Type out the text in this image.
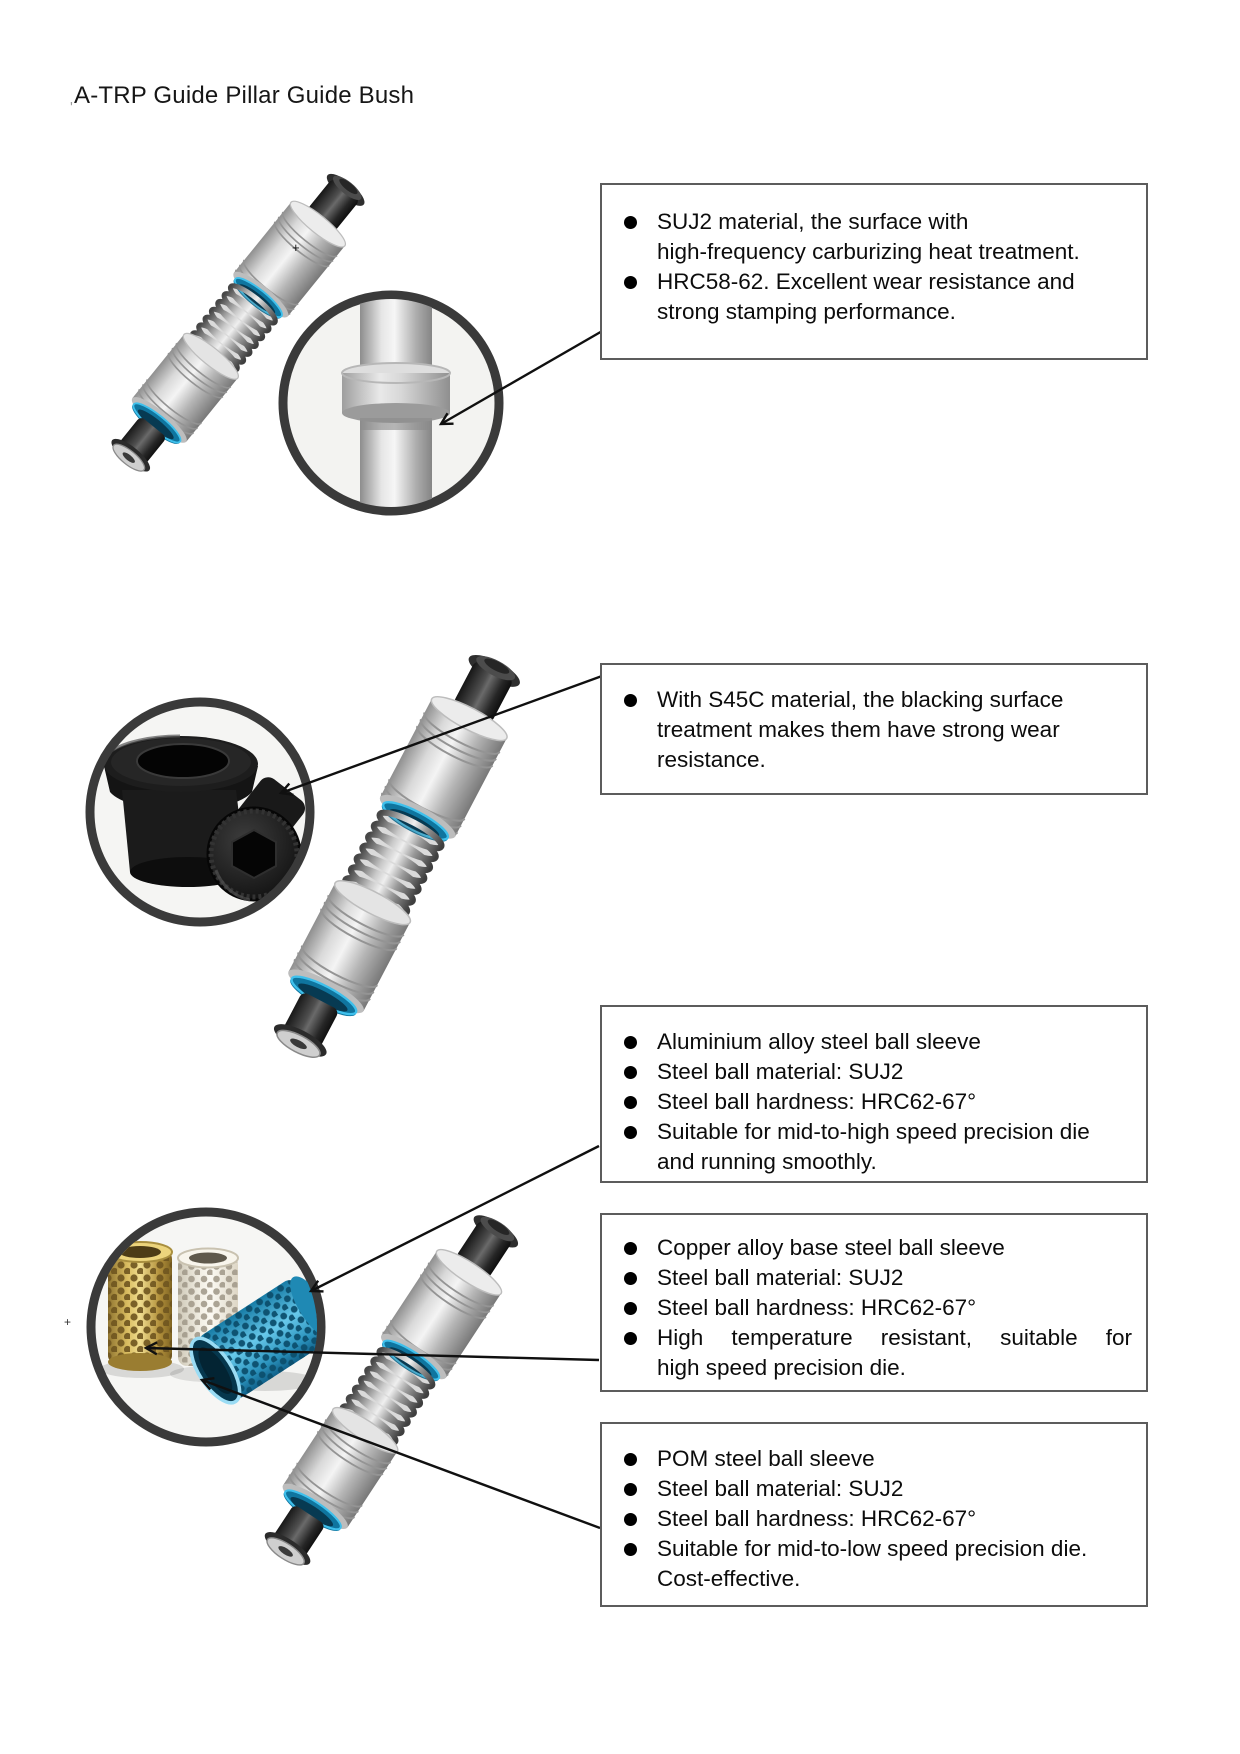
A-TRP Guide Pillar Guide Bush
'
+
+
SUJ2 material, the surface with
high-frequency carburizing heat treatment.
HRC58-62. Excellent wear resistance and
strong stamping performance.
With S45C material, the blacking surface
treatment makes them have strong wear
resistance.
Aluminium alloy steel ball sleeve
Steel ball material: SUJ2
Steel ball hardness: HRC62-67°
Suitable for mid-to-high speed precision die
and running smoothly.
Copper alloy base steel ball sleeve
Steel ball material: SUJ2
Steel ball hardness: HRC62-67°
High temperature resistant, suitable for
high speed precision die.
POM steel ball sleeve
Steel ball material: SUJ2
Steel ball hardness: HRC62-67°
Suitable for mid-to-low speed precision die.
Cost-effective.
